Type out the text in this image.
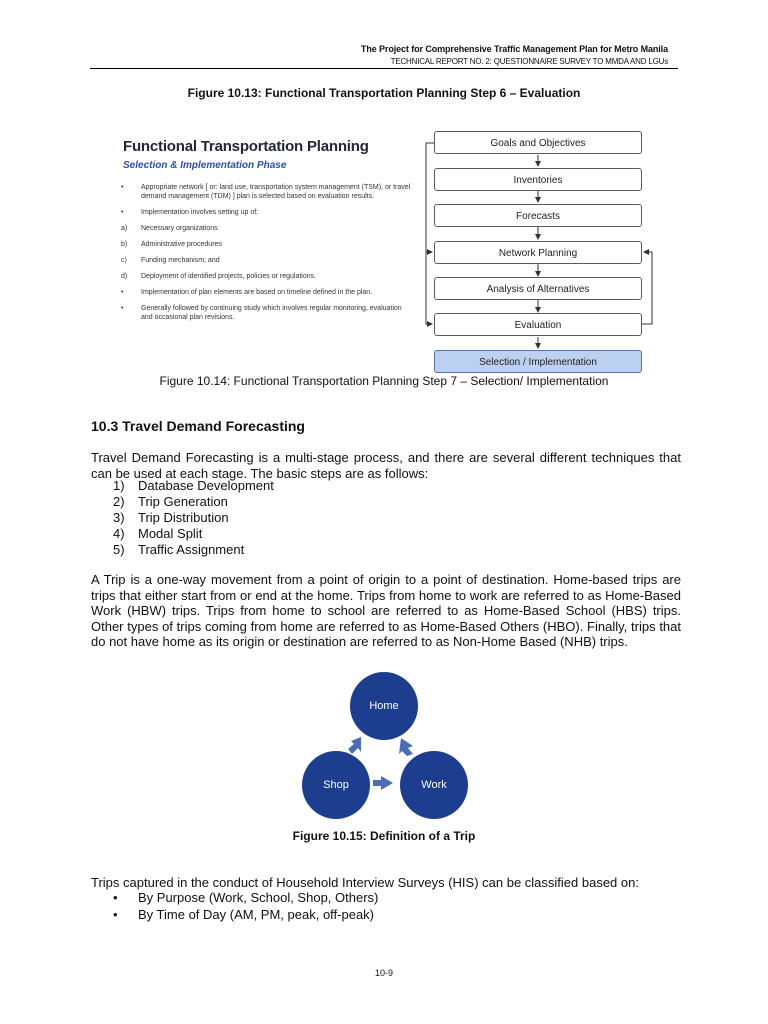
The Project for Comprehensive Traffic Management Plan for Metro Manila
TECHNICAL REPORT NO. 2: QUESTIONNAIRE SURVEY TO MMDA AND LGUs
Figure 10.13: Functional Transportation Planning Step 6 – Evaluation
Functional Transportation Planning
Selection & Implementation Phase
•	Appropriate network [ or: land use, transportation system management (TSM), or travel demand management (TDM) ] plan is selected based on evaluation results.
•	Implementation involves setting up of:
a) Necessary organizations
b) Administrative procedures
c) Funding mechanism; and
d) Deployment of identified projects, policies or regulations.
•	Implementation of plan elements are based on timeline defined in the plan.
•	Generally followed by continuing study which involves regular monitoring, evaluation and occasional plan revisions.
Goals and Objectives
Inventories
Forecasts
Network Planning
Analysis of Alternatives
Evaluation
Selection / Implementation
Figure 10.14: Functional Transportation Planning Step 7 – Selection/ Implementation
10.3 Travel Demand Forecasting
Travel Demand Forecasting is a multi-stage process, and there are several different techniques that can be used at each stage. The basic steps are as follows:
1)	Database Development
2)	Trip Generation
3)	Trip Distribution
4)	Modal Split
5)	Traffic Assignment
A Trip is a one-way movement from a point of origin to a point of destination. Home-based trips are trips that either start from or end at the home. Trips from home to work are referred to as Home-Based Work (HBW) trips. Trips from home to school are referred to as Home-Based School (HBS) trips. Other types of trips coming from home are referred to as Home-Based Others (HBO). Finally, trips that do not have home as its origin or destination are referred to as Non-Home Based (NHB) trips.
Home
Work
Shop
Figure 10.15: Definition of a Trip
Trips captured in the conduct of Household Interview Surveys (HIS) can be classified based on:
•	By Purpose (Work, School, Shop, Others)
•	By Time of Day (AM, PM, peak, off-peak)
10-9
